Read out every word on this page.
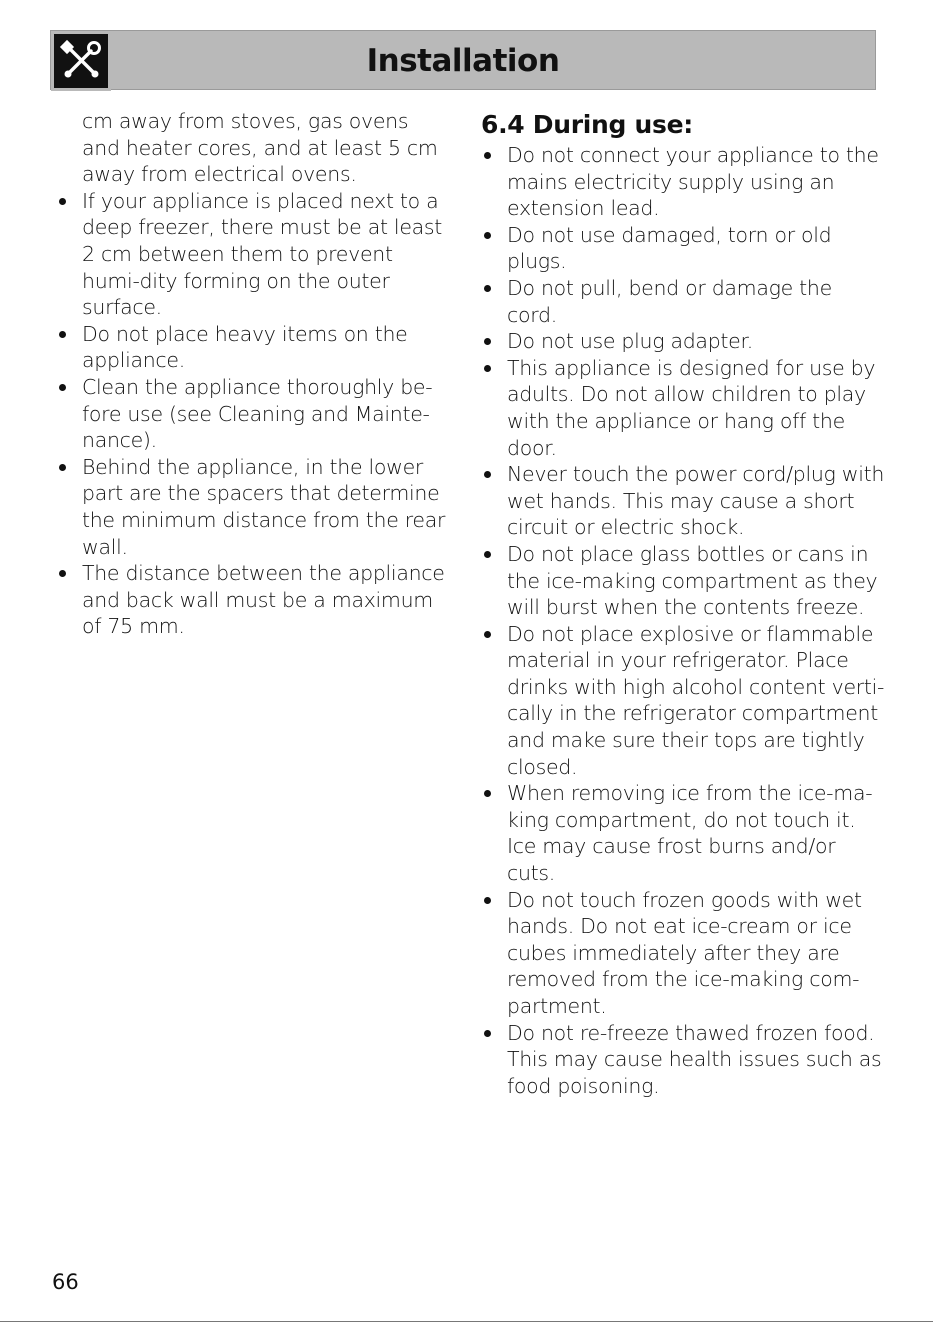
Installation

cm away from stoves, gas ovens and heater cores, and at least 5 cm away from electrical ovens.

If your appliance is placed next to a deep freezer, there must be at least 2 cm between them to prevent humi-dity forming on the outer surface.
Do not place heavy items on the appliance.
Clean the appliance thoroughly be-fore use (see Cleaning and Mainte-nance).
Behind the appliance, in the lower part are the spacers that determine the minimum distance from the rear wall.
The distance between the appliance and back wall must be a maximum of 75 mm.
6.4 During use:
Do not connect your appliance to the mains electricity supply using an extension lead.
Do not use damaged, torn or old plugs.
Do not pull, bend or damage the cord.
Do not use plug adapter.
This appliance is designed for use by adults. Do not allow children to play with the appliance or hang off the door.
Never touch the power cord/plug with wet hands. This may cause a short circuit or electric shock.
Do not place glass bottles or cans in the ice-making compartment as they will burst when the contents freeze.
Do not place explosive or flammable material in your refrigerator. Place drinks with high alcohol content verti-cally in the refrigerator compartment and make sure their tops are tightly closed.
When removing ice from the ice-ma-king compartment, do not touch it. Ice may cause frost burns and/or cuts.
Do not touch frozen goods with wet hands. Do not eat ice-cream or ice cubes immediately after they are removed from the ice-making com-partment.
Do not re-freeze thawed frozen food. This may cause health issues such as food poisoning.
66
